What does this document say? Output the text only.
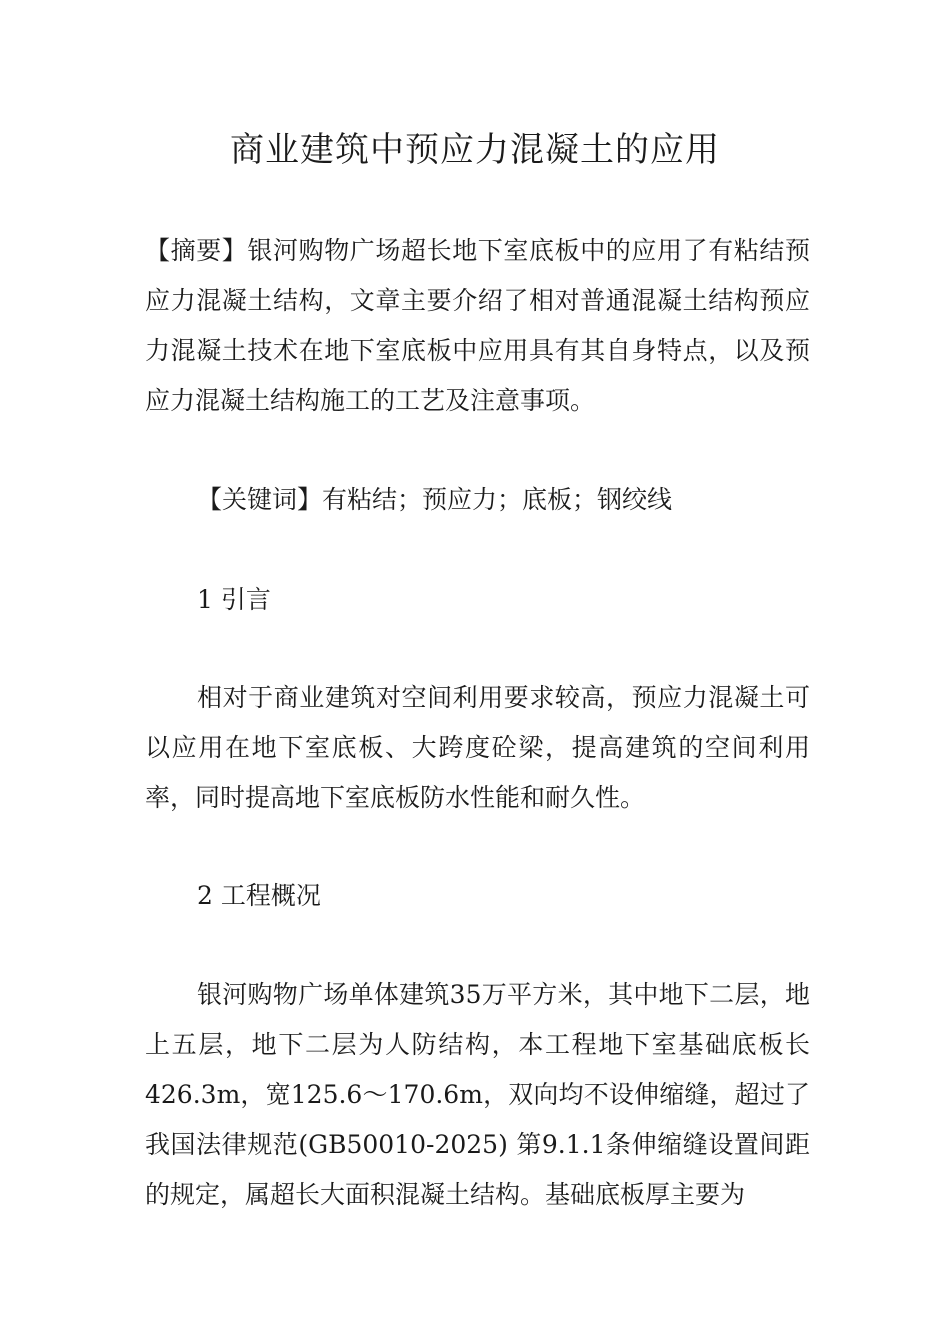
商业建筑中预应力混凝土的应用

【摘要】银河购物广场超长地下室底板中的应用了有粘结预应力混凝土结构，文章主要介绍了相对普通混凝土结构预应力混凝土技术在地下室底板中应用具有其自身特点，以及预应力混凝土结构施工的工艺及注意事项。

【关键词】有粘结；预应力；底板；钢绞线

1 引言

相对于商业建筑对空间利用要求较高，预应力混凝土可以应用在地下室底板、大跨度砼梁，提高建筑的空间利用率，同时提高地下室底板防水性能和耐久性。

2 工程概况

银河购物广场单体建筑35万平方米，其中地下二层，地上五层，地下二层为人防结构，本工程地下室基础底板长426.3m，宽125.6～170.6m，双向均不设伸缩缝，超过了我国法律规范(GB50010-2025) 第9.1.1条伸缩缝设置间距的规定，属超长大面积混凝土结构。基础底板厚主要为
